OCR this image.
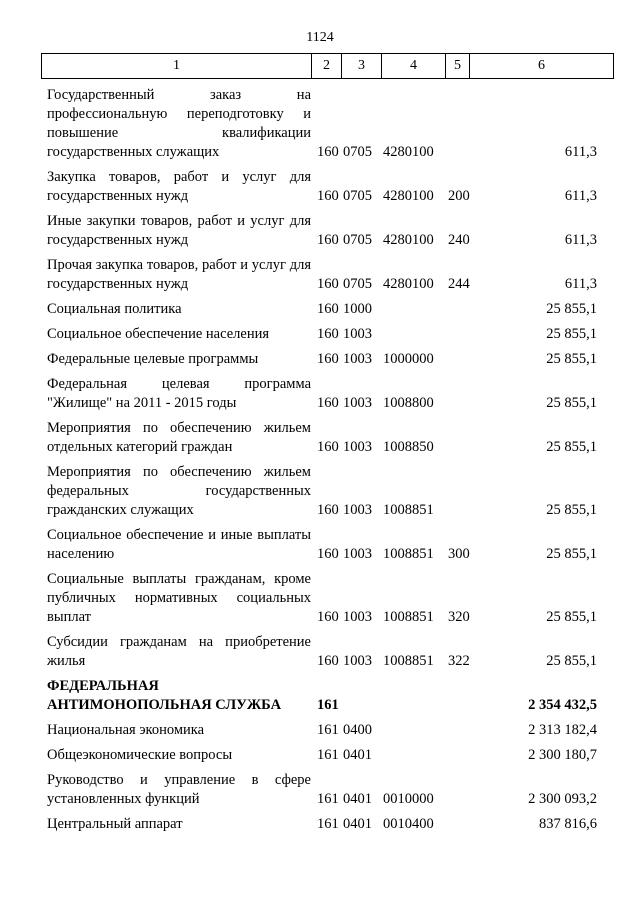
1124
1	2	3	4	5	6
Государственный заказ на профессиональную переподготовку и повышение квалификации государственных служащих	160	0705	4280100		611,3
Закупка товаров, работ и услуг для государственных нужд	160	0705	4280100	200	611,3
Иные закупки товаров, работ и услуг для государственных нужд	160	0705	4280100	240	611,3
Прочая закупка товаров, работ и услуг для государственных нужд	160	0705	4280100	244	611,3
Социальная политика	160	1000			25 855,1
Социальное обеспечение населения	160	1003			25 855,1
Федеральные целевые программы	160	1003	1000000		25 855,1
Федеральная целевая программа "Жилище" на 2011 - 2015 годы	160	1003	1008800		25 855,1
Мероприятия по обеспечению жильем отдельных категорий граждан	160	1003	1008850		25 855,1
Мероприятия по обеспечению жильем федеральных государственных гражданских служащих	160	1003	1008851		25 855,1
Социальное обеспечение и иные выплаты населению	160	1003	1008851	300	25 855,1
Социальные выплаты гражданам, кроме публичных нормативных социальных выплат	160	1003	1008851	320	25 855,1
Субсидии гражданам на приобретение жилья	160	1003	1008851	322	25 855,1
ФЕДЕРАЛЬНАЯ АНТИМОНОПОЛЬНАЯ СЛУЖБА	161				2 354 432,5
Национальная экономика	161	0400			2 313 182,4
Общеэкономические вопросы	161	0401			2 300 180,7
Руководство и управление в сфере установленных функций	161	0401	0010000		2 300 093,2
Центральный аппарат	161	0401	0010400		837 816,6
